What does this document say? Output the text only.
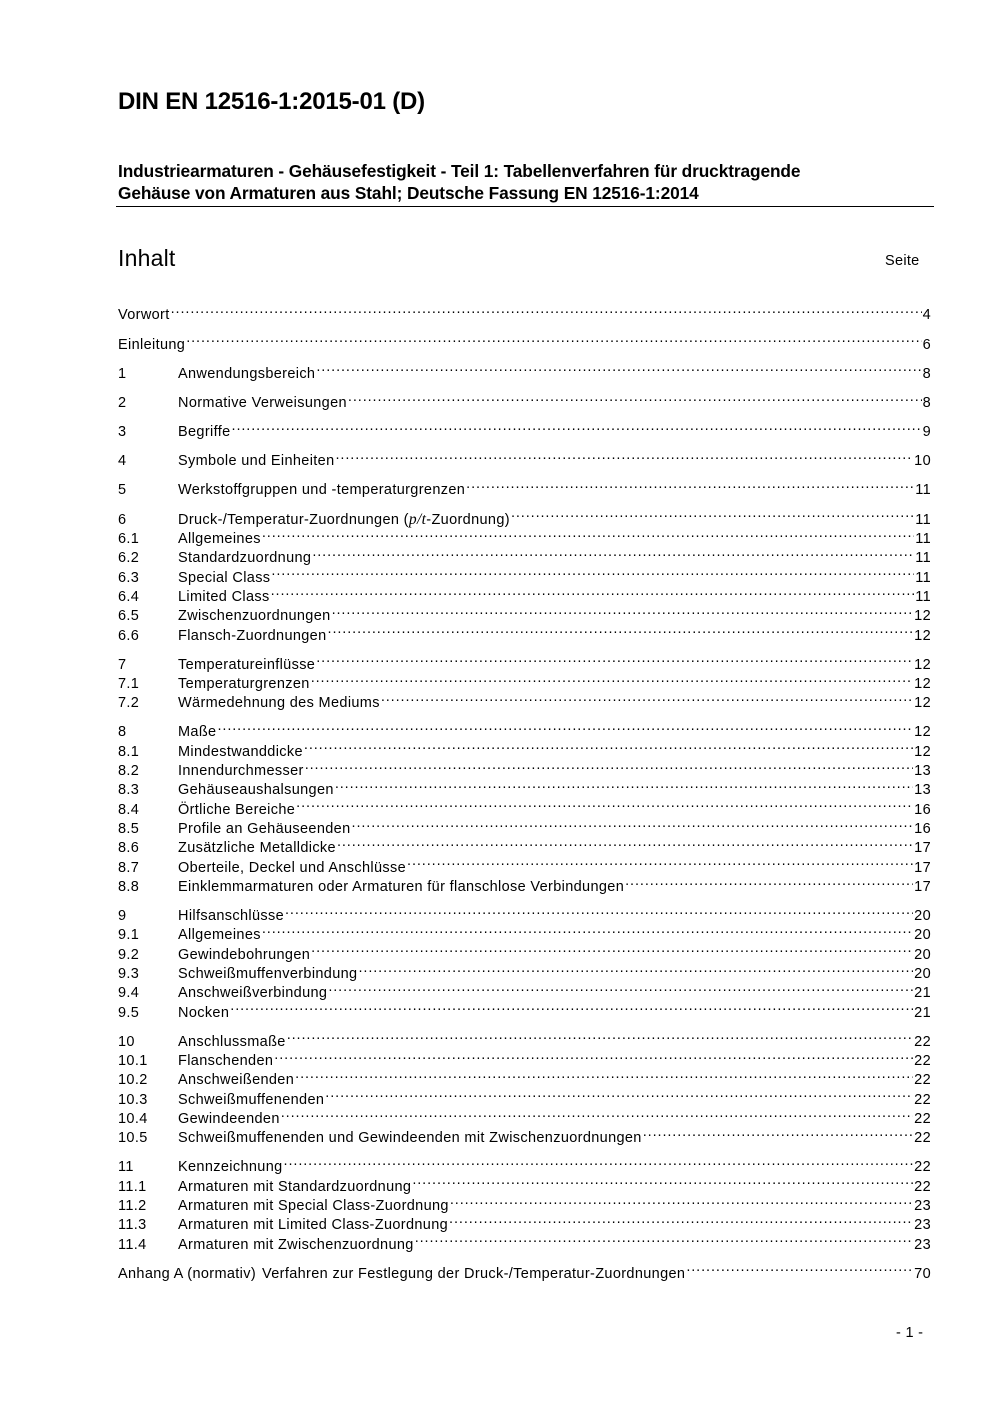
DIN EN 12516-1:2015-01 (D)
Industriearmaturen - Gehäusefestigkeit - Teil 1: Tabellenverfahren für drucktragende
Gehäuse von Armaturen aus Stahl; Deutsche Fassung EN 12516-1:2014
Inhalt	Seite
Vorwort .....	4
Einleitung .....	6
1	Anwendungsbereich .....	8
2	Normative Verweisungen .....	8
3	Begriffe .....	9
4	Symbole und Einheiten .....	10
5	Werkstoffgruppen und -temperaturgrenzen .....	11
6	Druck-/Temperatur-Zuordnungen (p/t-Zuordnung) .....	11
6.1	Allgemeines .....	11
6.2	Standardzuordnung .....	11
6.3	Special Class .....	11
6.4	Limited Class .....	11
6.5	Zwischenzuordnungen .....	12
6.6	Flansch-Zuordnungen .....	12
7	Temperatureinflüsse .....	12
7.1	Temperaturgrenzen .....	12
7.2	Wärmedehnung des Mediums .....	12
8	Maße .....	12
8.1	Mindestwanddicke .....	12
8.2	Innendurchmesser .....	13
8.3	Gehäuseaushalsungen .....	13
8.4	Örtliche Bereiche .....	16
8.5	Profile an Gehäuseenden .....	16
8.6	Zusätzliche Metalldicke .....	17
8.7	Oberteile, Deckel und Anschlüsse .....	17
8.8	Einklemmarmaturen oder Armaturen für flanschlose Verbindungen .....	17
9	Hilfsanschlüsse .....	20
9.1	Allgemeines .....	20
9.2	Gewindebohrungen .....	20
9.3	Schweißmuffenverbindung .....	20
9.4	Anschweißverbindung .....	21
9.5	Nocken .....	21
10	Anschlussmaße .....	22
10.1	Flanschenden .....	22
10.2	Anschweißenden .....	22
10.3	Schweißmuffenenden .....	22
10.4	Gewindeenden .....	22
10.5	Schweißmuffenenden und Gewindeenden mit Zwischenzuordnungen .....	22
11	Kennzeichnung .....	22
11.1	Armaturen mit Standardzuordnung .....	22
11.2	Armaturen mit Special Class-Zuordnung .....	23
11.3	Armaturen mit Limited Class-Zuordnung .....	23
11.4	Armaturen mit Zwischenzuordnung .....	23
Anhang A (normativ) Verfahren zur Festlegung der Druck-/Temperatur-Zuordnungen .....	70
- 1 -
